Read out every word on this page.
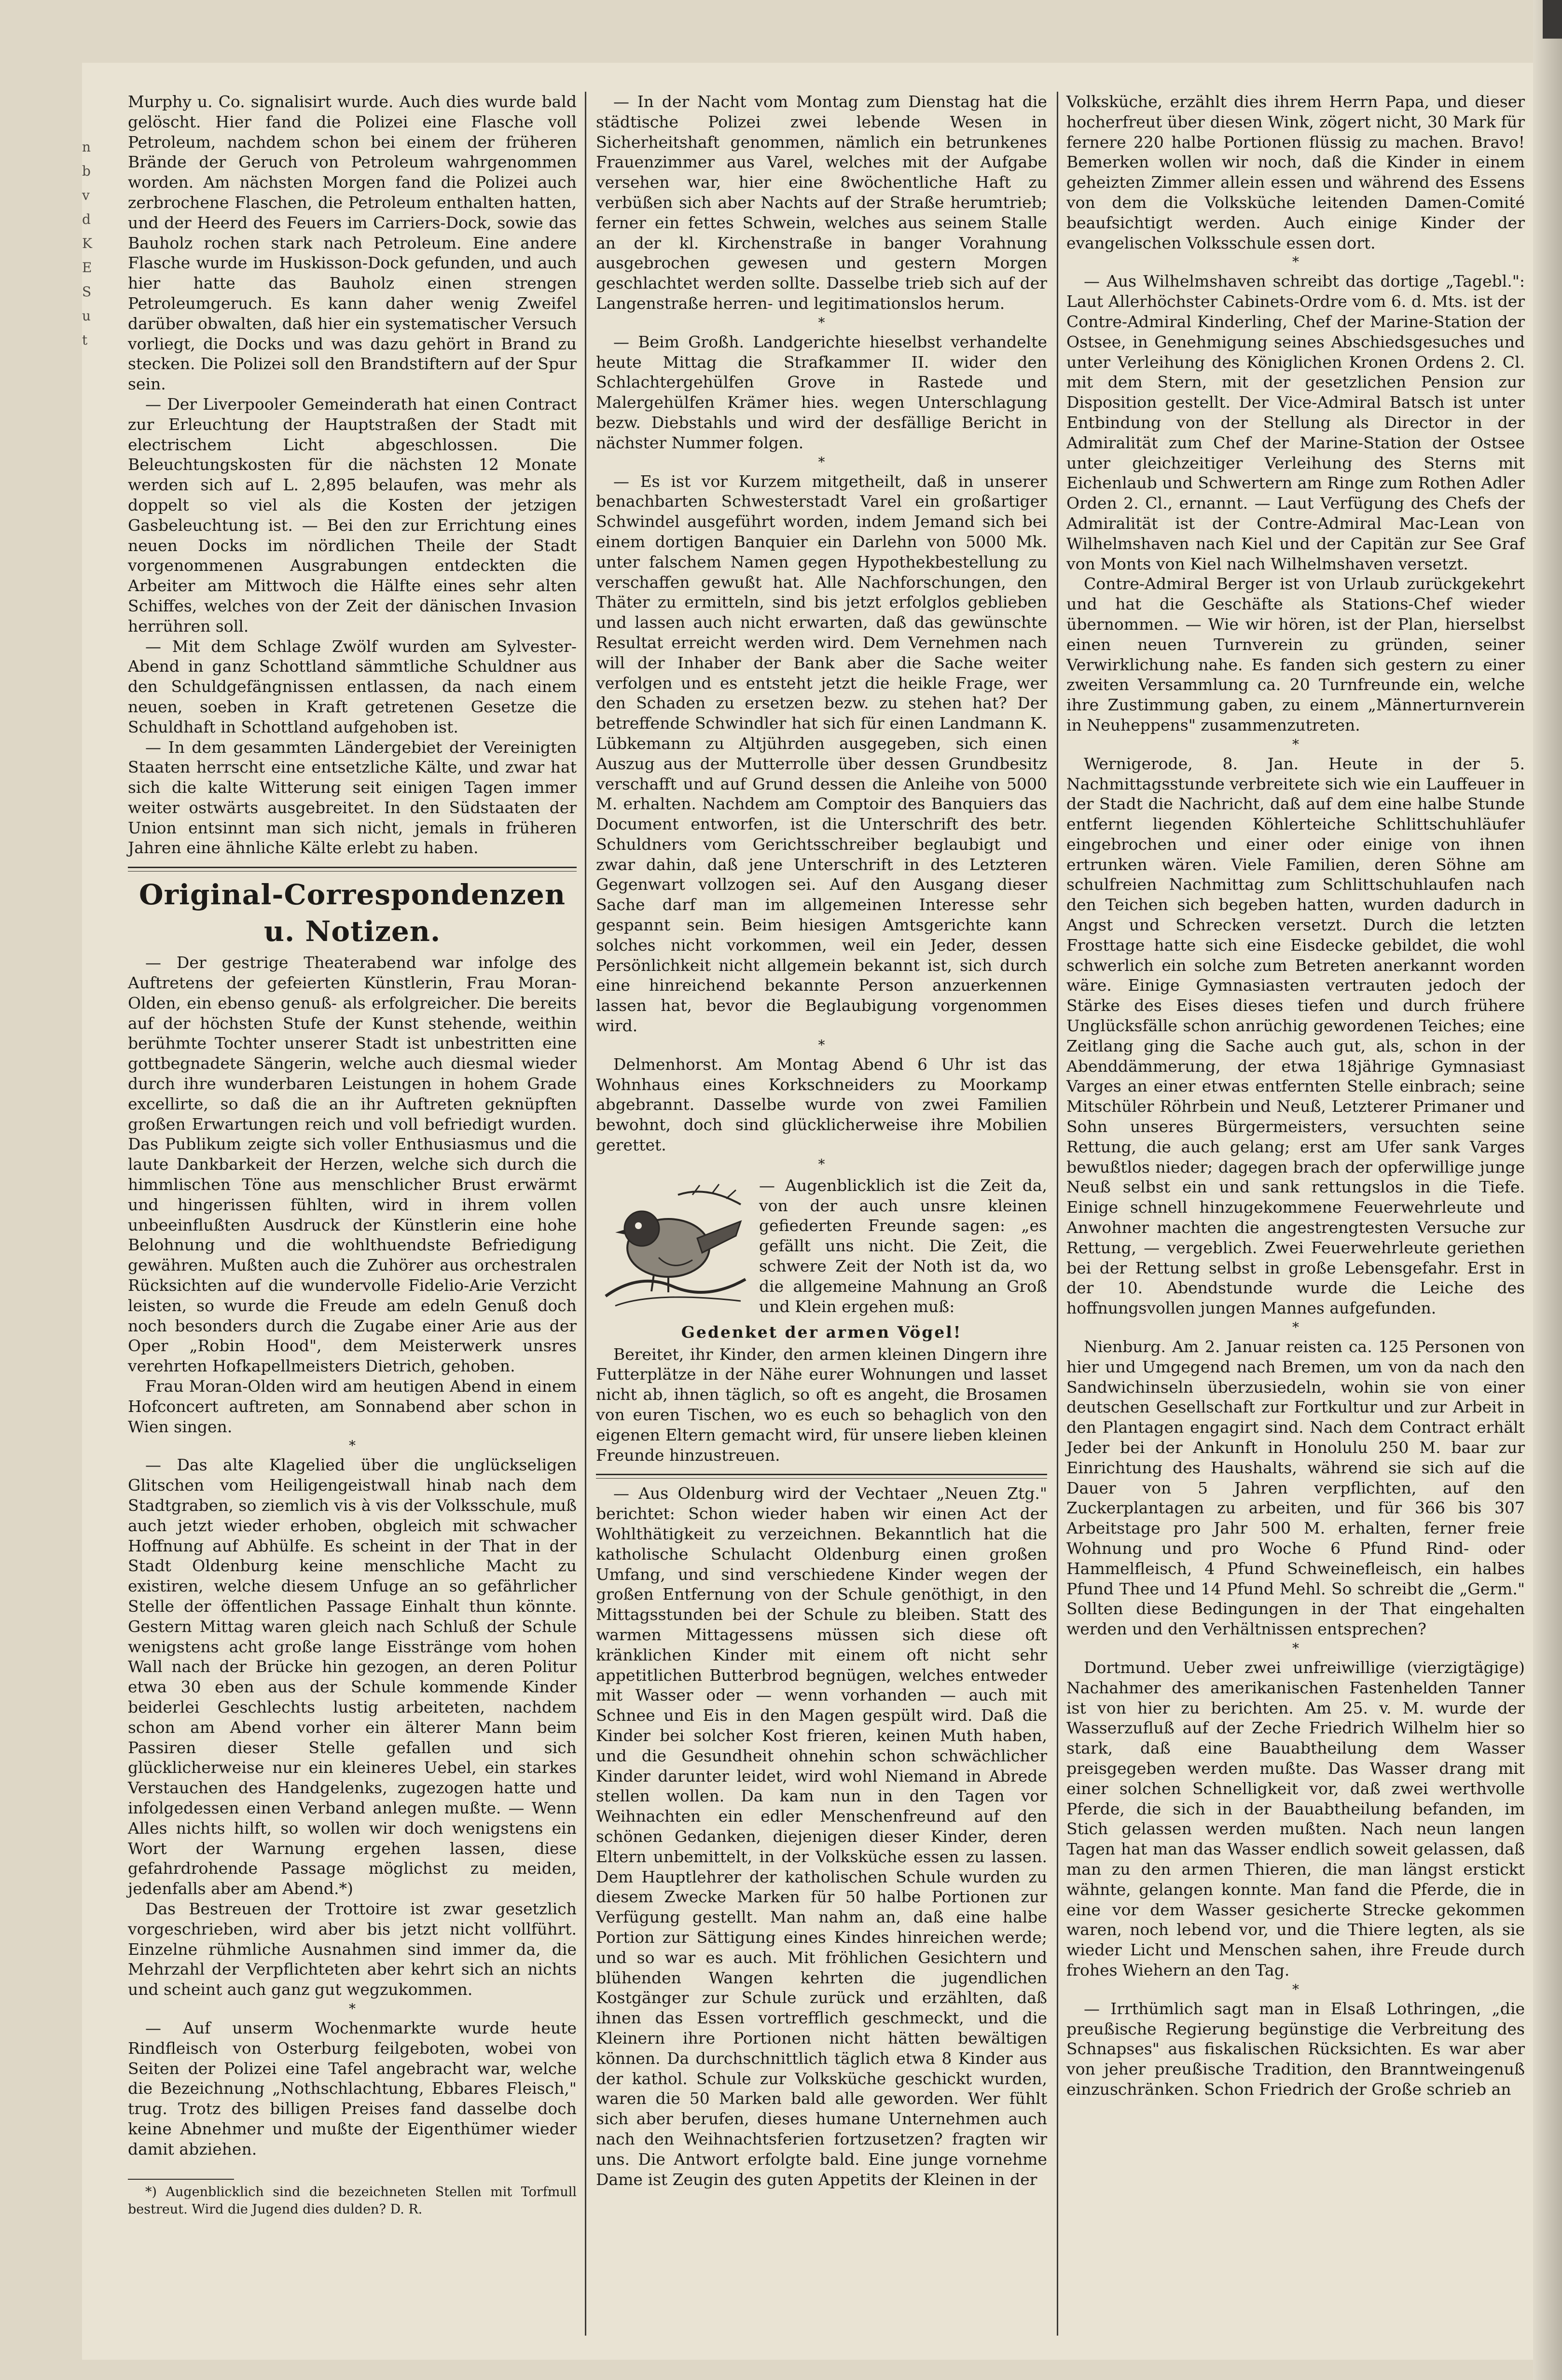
n
b
v
d
K
E
S
u
t

Murphy u. Co. signalisirt wurde. Auch dies wurde bald gelöscht. Hier fand die Polizei eine Flasche voll Petroleum, nachdem schon bei einem der früheren Brände der Geruch von Petroleum wahrgenommen worden. Am nächsten Morgen fand die Polizei auch zerbrochene Flaschen, die Petroleum enthalten hatten, und der Heerd des Feuers im Carriers-Dock, sowie das Bauholz rochen stark nach Petroleum. Eine andere Flasche wurde im Huskisson-Dock gefunden, und auch hier hatte das Bauholz einen strengen Petroleumgeruch. Es kann daher wenig Zweifel darüber obwalten, daß hier ein systematischer Versuch vorliegt, die Docks und was dazu gehört in Brand zu stecken. Die Polizei soll den Brandstiftern auf der Spur sein.

— Der Liverpooler Gemeinderath hat einen Contract zur Erleuchtung der Hauptstraßen der Stadt mit electrischem Licht abgeschlossen. Die Beleuchtungskosten für die nächsten 12 Monate werden sich auf L. 2,895 belaufen, was mehr als doppelt so viel als die Kosten der jetzigen Gasbeleuchtung ist. — Bei den zur Errichtung eines neuen Docks im nördlichen Theile der Stadt vorgenommenen Ausgrabungen entdeckten die Arbeiter am Mittwoch die Hälfte eines sehr alten Schiffes, welches von der Zeit der dänischen Invasion herrühren soll.

— Mit dem Schlage Zwölf wurden am Sylvester-Abend in ganz Schottland sämmtliche Schuldner aus den Schuldgefängnissen entlassen, da nach einem neuen, soeben in Kraft getretenen Gesetze die Schuldhaft in Schottland aufgehoben ist.

— In dem gesammten Ländergebiet der Vereinigten Staaten herrscht eine entsetzliche Kälte, und zwar hat sich die kalte Witterung seit einigen Tagen immer weiter ostwärts ausgebreitet. In den Südstaaten der Union entsinnt man sich nicht, jemals in früheren Jahren eine ähnliche Kälte erlebt zu haben.

Original-Correspondenzen u. Notizen.

— Der gestrige Theaterabend war infolge des Auftretens der gefeierten Künstlerin, Frau Moran-Olden, ein ebenso genuß- als erfolgreicher. Die bereits auf der höchsten Stufe der Kunst stehende, weithin berühmte Tochter unserer Stadt ist unbestritten eine gottbegnadete Sängerin, welche auch diesmal wieder durch ihre wunderbaren Leistungen in hohem Grade excellirte, so daß die an ihr Auftreten geknüpften großen Erwartungen reich und voll befriedigt wurden. Das Publikum zeigte sich voller Enthusiasmus und die laute Dankbarkeit der Herzen, welche sich durch die himmlischen Töne aus menschlicher Brust erwärmt und hingerissen fühlten, wird in ihrem vollen unbeeinflußten Ausdruck der Künstlerin eine hohe Belohnung und die wohlthuendste Befriedigung gewähren. Mußten auch die Zuhörer aus orchestralen Rücksichten auf die wundervolle Fidelio-Arie Verzicht leisten, so wurde die Freude am edeln Genuß doch noch besonders durch die Zugabe einer Arie aus der Oper „Robin Hood", dem Meisterwerk unsres verehrten Hofkapellmeisters Dietrich, gehoben.

Frau Moran-Olden wird am heutigen Abend in einem Hofconcert auftreten, am Sonnabend aber schon in Wien singen.

*

— Das alte Klagelied über die unglückseligen Glitschen vom Heiligengeistwall hinab nach dem Stadtgraben, so ziemlich vis à vis der Volksschule, muß auch jetzt wieder erhoben, obgleich mit schwacher Hoffnung auf Abhülfe. Es scheint in der That in der Stadt Oldenburg keine menschliche Macht zu existiren, welche diesem Unfuge an so gefährlicher Stelle der öffentlichen Passage Einhalt thun könnte. Gestern Mittag waren gleich nach Schluß der Schule wenigstens acht große lange Eisstränge vom hohen Wall nach der Brücke hin gezogen, an deren Politur etwa 30 eben aus der Schule kommende Kinder beiderlei Geschlechts lustig arbeiteten, nachdem schon am Abend vorher ein älterer Mann beim Passiren dieser Stelle gefallen und sich glücklicherweise nur ein kleineres Uebel, ein starkes Verstauchen des Handgelenks, zugezogen hatte und infolgedessen einen Verband anlegen mußte. — Wenn Alles nichts hilft, so wollen wir doch wenigstens ein Wort der Warnung ergehen lassen, diese gefahrdrohende Passage möglichst zu meiden, jedenfalls aber am Abend.*)

Das Bestreuen der Trottoire ist zwar gesetzlich vorgeschrieben, wird aber bis jetzt nicht vollführt. Einzelne rühmliche Ausnahmen sind immer da, die Mehrzahl der Verpflichteten aber kehrt sich an nichts und scheint auch ganz gut wegzukommen.

*

— Auf unserm Wochenmarkte wurde heute Rindfleisch von Osterburg feilgeboten, wobei von Seiten der Polizei eine Tafel angebracht war, welche die Bezeichnung „Nothschlachtung, Ebbares Fleisch," trug. Trotz des billigen Preises fand dasselbe doch keine Abnehmer und mußte der Eigenthümer wieder damit abziehen.

*) Augenblicklich sind die bezeichneten Stellen mit Torfmull bestreut. Wird die Jugend dies dulden? D. R.

— In der Nacht vom Montag zum Dienstag hat die städtische Polizei zwei lebende Wesen in Sicherheitshaft genommen, nämlich ein betrunkenes Frauenzimmer aus Varel, welches mit der Aufgabe versehen war, hier eine 8wöchentliche Haft zu verbüßen sich aber Nachts auf der Straße herumtrieb; ferner ein fettes Schwein, welches aus seinem Stalle an der kl. Kirchenstraße in banger Vorahnung ausgebrochen gewesen und gestern Morgen geschlachtet werden sollte. Dasselbe trieb sich auf der Langenstraße herren- und legitimationslos herum.

*

— Beim Großh. Landgerichte hieselbst verhandelte heute Mittag die Strafkammer II. wider den Schlachtergehülfen Grove in Rastede und Malergehülfen Krämer hies. wegen Unterschlagung bezw. Diebstahls und wird der desfällige Bericht in nächster Nummer folgen.

*

— Es ist vor Kurzem mitgetheilt, daß in unserer benachbarten Schwesterstadt Varel ein großartiger Schwindel ausgeführt worden, indem Jemand sich bei einem dortigen Banquier ein Darlehn von 5000 Mk. unter falschem Namen gegen Hypothekbestellung zu verschaffen gewußt hat. Alle Nachforschungen, den Thäter zu ermitteln, sind bis jetzt erfolglos geblieben und lassen auch nicht erwarten, daß das gewünschte Resultat erreicht werden wird. Dem Vernehmen nach will der Inhaber der Bank aber die Sache weiter verfolgen und es entsteht jetzt die heikle Frage, wer den Schaden zu ersetzen bezw. zu stehen hat? Der betreffende Schwindler hat sich für einen Landmann K. Lübkemann zu Altjührden ausgegeben, sich einen Auszug aus der Mutterrolle über dessen Grundbesitz verschafft und auf Grund dessen die Anleihe von 5000 M. erhalten. Nachdem am Comptoir des Banquiers das Document entworfen, ist die Unterschrift des betr. Schuldners vom Gerichtsschreiber beglaubigt und zwar dahin, daß jene Unterschrift in des Letzteren Gegenwart vollzogen sei. Auf den Ausgang dieser Sache darf man im allgemeinen Interesse sehr gespannt sein. Beim hiesigen Amtsgerichte kann solches nicht vorkommen, weil ein Jeder, dessen Persönlichkeit nicht allgemein bekannt ist, sich durch eine hinreichend bekannte Person anzuerkennen lassen hat, bevor die Beglaubigung vorgenommen wird.

*

Delmenhorst. Am Montag Abend 6 Uhr ist das Wohnhaus eines Korkschneiders zu Moorkamp abgebrannt. Dasselbe wurde von zwei Familien bewohnt, doch sind glücklicherweise ihre Mobilien gerettet.

*
— Augenblicklich ist die Zeit da, von der auch unsre kleinen gefiederten Freunde sagen: „es gefällt uns nicht. Die Zeit, die schwere Zeit der Noth ist da, wo die allgemeine Mahnung an Groß und Klein ergehen muß:
Gedenket der armen Vögel!

Bereitet, ihr Kinder, den armen kleinen Dingern ihre Futterplätze in der Nähe eurer Wohnungen und lasset nicht ab, ihnen täglich, so oft es angeht, die Brosamen von euren Tischen, wo es euch so behaglich von den eigenen Eltern gemacht wird, für unsere lieben kleinen Freunde hinzustreuen.

— Aus Oldenburg wird der Vechtaer „Neuen Ztg." berichtet: Schon wieder haben wir einen Act der Wohlthätigkeit zu verzeichnen. Bekanntlich hat die katholische Schulacht Oldenburg einen großen Umfang, und sind verschiedene Kinder wegen der großen Entfernung von der Schule genöthigt, in den Mittagsstunden bei der Schule zu bleiben. Statt des warmen Mittagessens müssen sich diese oft kränklichen Kinder mit einem oft nicht sehr appetitlichen Butterbrod begnügen, welches entweder mit Wasser oder — wenn vorhanden — auch mit Schnee und Eis in den Magen gespült wird. Daß die Kinder bei solcher Kost frieren, keinen Muth haben, und die Gesundheit ohnehin schon schwächlicher Kinder darunter leidet, wird wohl Niemand in Abrede stellen wollen. Da kam nun in den Tagen vor Weihnachten ein edler Menschenfreund auf den schönen Gedanken, diejenigen dieser Kinder, deren Eltern unbemittelt, in der Volksküche essen zu lassen. Dem Hauptlehrer der katholischen Schule wurden zu diesem Zwecke Marken für 50 halbe Portionen zur Verfügung gestellt. Man nahm an, daß eine halbe Portion zur Sättigung eines Kindes hinreichen werde; und so war es auch. Mit fröhlichen Gesichtern und blühenden Wangen kehrten die jugendlichen Kostgänger zur Schule zurück und erzählten, daß ihnen das Essen vortrefflich geschmeckt, und die Kleinern ihre Portionen nicht hätten bewältigen können. Da durchschnittlich täglich etwa 8 Kinder aus der kathol. Schule zur Volksküche geschickt wurden, waren die 50 Marken bald alle geworden. Wer fühlt sich aber berufen, dieses humane Unternehmen auch nach den Weihnachtsferien fortzusetzen? fragten wir uns. Die Antwort erfolgte bald. Eine junge vornehme Dame ist Zeugin des guten Appetits der Kleinen in der

Volksküche, erzählt dies ihrem Herrn Papa, und dieser hocherfreut über diesen Wink, zögert nicht, 30 Mark für fernere 220 halbe Portionen flüssig zu machen. Bravo! Bemerken wollen wir noch, daß die Kinder in einem geheizten Zimmer allein essen und während des Essens von dem die Volksküche leitenden Damen-Comité beaufsichtigt werden. Auch einige Kinder der evangelischen Volksschule essen dort.

*

— Aus Wilhelmshaven schreibt das dortige „Tagebl.": Laut Allerhöchster Cabinets-Ordre vom 6. d. Mts. ist der Contre-Admiral Kinderling, Chef der Marine-Station der Ostsee, in Genehmigung seines Abschiedsgesuches und unter Verleihung des Königlichen Kronen Ordens 2. Cl. mit dem Stern, mit der gesetzlichen Pension zur Disposition gestellt. Der Vice-Admiral Batsch ist unter Entbindung von der Stellung als Director in der Admiralität zum Chef der Marine-Station der Ostsee unter gleichzeitiger Verleihung des Sterns mit Eichenlaub und Schwertern am Ringe zum Rothen Adler Orden 2. Cl., ernannt. — Laut Verfügung des Chefs der Admiralität ist der Contre-Admiral Mac-Lean von Wilhelmshaven nach Kiel und der Capitän zur See Graf von Monts von Kiel nach Wilhelmshaven versetzt.

Contre-Admiral Berger ist von Urlaub zurückgekehrt und hat die Geschäfte als Stations-Chef wieder übernommen. — Wie wir hören, ist der Plan, hierselbst einen neuen Turnverein zu gründen, seiner Verwirklichung nahe. Es fanden sich gestern zu einer zweiten Versammlung ca. 20 Turnfreunde ein, welche ihre Zustimmung gaben, zu einem „Männerturnverein in Neuheppens" zusammenzutreten.

*

Wernigerode, 8. Jan. Heute in der 5. Nachmittagsstunde verbreitete sich wie ein Lauffeuer in der Stadt die Nachricht, daß auf dem eine halbe Stunde entfernt liegenden Köhlerteiche Schlittschuhläufer eingebrochen und einer oder einige von ihnen ertrunken wären. Viele Familien, deren Söhne am schulfreien Nachmittag zum Schlittschuhlaufen nach den Teichen sich begeben hatten, wurden dadurch in Angst und Schrecken versetzt. Durch die letzten Frosttage hatte sich eine Eisdecke gebildet, die wohl schwerlich ein solche zum Betreten anerkannt worden wäre. Einige Gymnasiasten vertrauten jedoch der Stärke des Eises dieses tiefen und durch frühere Unglücksfälle schon anrüchig gewordenen Teiches; eine Zeitlang ging die Sache auch gut, als, schon in der Abenddämmerung, der etwa 18jährige Gymnasiast Varges an einer etwas entfernten Stelle einbrach; seine Mitschüler Röhrbein und Neuß, Letzterer Primaner und Sohn unseres Bürgermeisters, versuchten seine Rettung, die auch gelang; erst am Ufer sank Varges bewußtlos nieder; dagegen brach der opferwillige junge Neuß selbst ein und sank rettungslos in die Tiefe. Einige schnell hinzugekommene Feuerwehrleute und Anwohner machten die angestrengtesten Versuche zur Rettung, — vergeblich. Zwei Feuerwehrleute geriethen bei der Rettung selbst in große Lebensgefahr. Erst in der 10. Abendstunde wurde die Leiche des hoffnungsvollen jungen Mannes aufgefunden.

*

Nienburg. Am 2. Januar reisten ca. 125 Personen von hier und Umgegend nach Bremen, um von da nach den Sandwichinseln überzusiedeln, wohin sie von einer deutschen Gesellschaft zur Fortkultur und zur Arbeit in den Plantagen engagirt sind. Nach dem Contract erhält Jeder bei der Ankunft in Honolulu 250 M. baar zur Einrichtung des Haushalts, während sie sich auf die Dauer von 5 Jahren verpflichten, auf den Zuckerplantagen zu arbeiten, und für 366 bis 307 Arbeitstage pro Jahr 500 M. erhalten, ferner freie Wohnung und pro Woche 6 Pfund Rind- oder Hammelfleisch, 4 Pfund Schweinefleisch, ein halbes Pfund Thee und 14 Pfund Mehl. So schreibt die „Germ." Sollten diese Bedingungen in der That eingehalten werden und den Verhältnissen entsprechen?

*

Dortmund. Ueber zwei unfreiwillige (vierzigtägige) Nachahmer des amerikanischen Fastenhelden Tanner ist von hier zu berichten. Am 25. v. M. wurde der Wasserzufluß auf der Zeche Friedrich Wilhelm hier so stark, daß eine Bauabtheilung dem Wasser preisgegeben werden mußte. Das Wasser drang mit einer solchen Schnelligkeit vor, daß zwei werthvolle Pferde, die sich in der Bauabtheilung befanden, im Stich gelassen werden mußten. Nach neun langen Tagen hat man das Wasser endlich soweit gelassen, daß man zu den armen Thieren, die man längst erstickt wähnte, gelangen konnte. Man fand die Pferde, die in eine vor dem Wasser gesicherte Strecke gekommen waren, noch lebend vor, und die Thiere legten, als sie wieder Licht und Menschen sahen, ihre Freude durch frohes Wiehern an den Tag.

*

— Irrthümlich sagt man in Elsaß Lothringen, „die preußische Regierung begünstige die Verbreitung des Schnapses" aus fiskalischen Rücksichten. Es war aber von jeher preußische Tradition, den Branntweingenuß einzuschränken. Schon Friedrich der Große schrieb an
